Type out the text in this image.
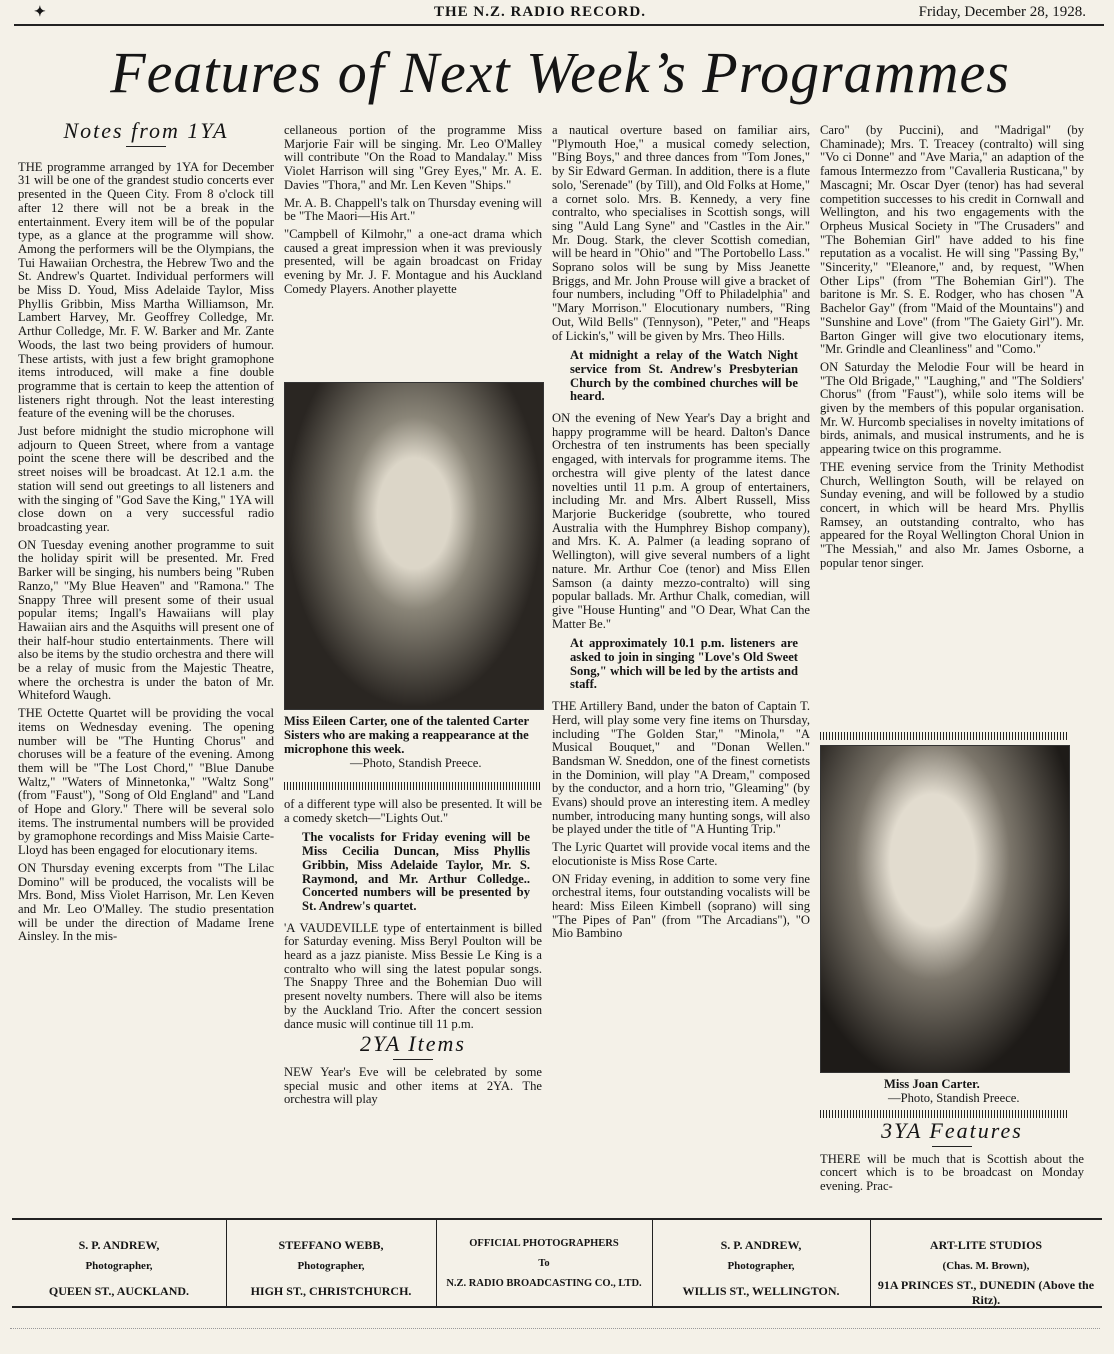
✦	THE N.Z. RADIO RECORD.	Friday, December 28, 1928.
Features of Next Week’s Programmes
Notes from 1YA

THE programme arranged by 1YA for December 31 will be one of the grandest studio concerts ever presented in the Queen City. From 8 o'clock till after 12 there will not be a break in the entertainment. Every item will be of the popular type, as a glance at the programme will show. Among the performers will be the Olympians, the Tui Hawaiian Orchestra, the Hebrew Two and the St. Andrew's Quartet. Individual performers will be Miss D. Youd, Miss Adelaide Taylor, Miss Phyllis Gribbin, Miss Martha Williamson, Mr. Lambert Harvey, Mr. Geoffrey Colledge, Mr. Arthur Colledge, Mr. F. W. Barker and Mr. Zante Woods, the last two being providers of humour. These artists, with just a few bright gramophone items introduced, will make a fine double programme that is certain to keep the attention of listeners right through. Not the least interesting feature of the evening will be the choruses.

Just before midnight the studio microphone will adjourn to Queen Street, where from a vantage point the scene there will be described and the street noises will be broadcast. At 12.1 a.m. the station will send out greetings to all listeners and with the singing of "God Save the King," 1YA will close down on a very successful radio broadcasting year.

ON Tuesday evening another programme to suit the holiday spirit will be presented. Mr. Fred Barker will be singing, his numbers being "Ruben Ranzo," "My Blue Heaven" and "Ramona." The Snappy Three will present some of their usual popular items; Ingall's Hawaiians will play Hawaiian airs and the Asquiths will present one of their half-hour studio entertainments. There will also be items by the studio orchestra and there will be a relay of music from the Majestic Theatre, where the orchestra is under the baton of Mr. Whiteford Waugh.

THE Octette Quartet will be providing the vocal items on Wednesday evening. The opening number will be "The Hunting Chorus" and choruses will be a feature of the evening. Among them will be "The Lost Chord," "Blue Danube Waltz," "Waters of Minnetonka," "Waltz Song" (from "Faust"), "Song of Old England" and "Land of Hope and Glory." There will be several solo items. The instrumental numbers will be provided by gramophone recordings and Miss Maisie Carte-Lloyd has been engaged for elocutionary items.

ON Thursday evening excerpts from "The Lilac Domino" will be produced, the vocalists will be Mrs. Bond, Miss Violet Harrison, Mr. Len Keven and Mr. Leo O'Malley. The studio presentation will be under the direction of Madame Irene Ainsley. In the mis-

cellaneous portion of the programme Miss Marjorie Fair will be singing. Mr. Leo O'Malley will contribute "On the Road to Mandalay." Miss Violet Harrison will sing "Grey Eyes," Mr. A. E. Davies "Thora," and Mr. Len Keven "Ships."

Mr. A. B. Chappell's talk on Thursday evening will be "The Maori—His Art."

"Campbell of Kilmohr," a one-act drama which caused a great impression when it was previously presented, will be again broadcast on Friday evening by Mr. J. F. Montague and his Auckland Comedy Players. Another playette

Miss Eileen Carter, one of the talented Carter Sisters who are making a reappearance at the microphone this week.
—Photo, Standish Preece.

of a different type will also be presented. It will be a comedy sketch—"Lights Out."

The vocalists for Friday evening will be Miss Cecilia Duncan, Miss Phyllis Gribbin, Miss Adelaide Taylor, Mr. S. Raymond, and Mr. Arthur Colledge.. Concerted numbers will be presented by St. Andrew's quartet.

'A VAUDEVILLE type of entertainment is billed for Saturday evening. Miss Beryl Poulton will be heard as a jazz pianiste. Miss Bessie Le King is a contralto who will sing the latest popular songs. The Snappy Three and the Bohemian Duo will present novelty numbers. There will also be items by the Auckland Trio. After the concert session dance music will continue till 11 p.m.

2YA Items

NEW Year's Eve will be celebrated by some special music and other items at 2YA. The orchestra will play

a nautical overture based on familiar airs, "Plymouth Hoe," a musical comedy selection, "Bing Boys," and three dances from "Tom Jones," by Sir Edward German. In addition, there is a flute solo, 'Serenade" (by Till), and Old Folks at Home," a cornet solo. Mrs. B. Kennedy, a very fine contralto, who specialises in Scottish songs, will sing "Auld Lang Syne" and "Castles in the Air." Mr. Doug. Stark, the clever Scottish comedian, will be heard in "Ohio" and "The Portobello Lass." Soprano solos will be sung by Miss Jeanette Briggs, and Mr. John Prouse will give a bracket of four numbers, including "Off to Philadelphia" and "Mary Morrison." Elocutionary numbers, "Ring Out, Wild Bells" (Tennyson), "Peter," and "Heaps of Lickin's," will be given by Mrs. Theo Hills.

At midnight a relay of the Watch Night service from St. Andrew's Presbyterian Church by the combined churches will be heard.

ON the evening of New Year's Day a bright and happy programme will be heard. Dalton's Dance Orchestra of ten instruments has been specially engaged, with intervals for programme items. The orchestra will give plenty of the latest dance novelties until 11 p.m. A group of entertainers, including Mr. and Mrs. Albert Russell, Miss Marjorie Buckeridge (soubrette, who toured Australia with the Humphrey Bishop company), and Mrs. K. A. Palmer (a leading soprano of Wellington), will give several numbers of a light nature. Mr. Arthur Coe (tenor) and Miss Ellen Samson (a dainty mezzo-contralto) will sing popular ballads. Mr. Arthur Chalk, comedian, will give "House Hunting" and "O Dear, What Can the Matter Be."

At approximately 10.1 p.m. listeners are asked to join in singing "Love's Old Sweet Song," which will be led by the artists and staff.

THE Artillery Band, under the baton of Captain T. Herd, will play some very fine items on Thursday, including "The Golden Star," "Minola," "A Musical Bouquet," and "Donan Wellen." Bandsman W. Sneddon, one of the finest cornetists in the Dominion, will play "A Dream," composed by the conductor, and a horn trio, "Gleaming" (by Evans) should prove an interesting item. A medley number, introducing many hunting songs, will also be played under the title of "A Hunting Trip."

The Lyric Quartet will provide vocal items and the elocutioniste is Miss Rose Carte.

ON Friday evening, in addition to some very fine orchestral items, four outstanding vocalists will be heard: Miss Eileen Kimbell (soprano) will sing "The Pipes of Pan" (from "The Arcadians"), "O Mio Bambino

Caro" (by Puccini), and "Madrigal" (by Chaminade); Mrs. T. Treacey (contralto) will sing "Vo ci Donne" and "Ave Maria," an adaption of the famous Intermezzo from "Cavalleria Rusticana," by Mascagni; Mr. Oscar Dyer (tenor) has had several competition successes to his credit in Cornwall and Wellington, and his two engagements with the Orpheus Musical Society in "The Crusaders" and "The Bohemian Girl" have added to his fine reputation as a vocalist. He will sing "Passing By," "Sincerity," "Eleanore," and, by request, "When Other Lips" (from "The Bohemian Girl"). The baritone is Mr. S. E. Rodger, who has chosen "A Bachelor Gay" (from "Maid of the Mountains") and "Sunshine and Love" (from "The Gaiety Girl"). Mr. Barton Ginger will give two elocutionary items, "Mr. Grindle and Cleanliness" and "Como."

ON Saturday the Melodie Four will be heard in "The Old Brigade," "Laughing," and "The Soldiers' Chorus" (from "Faust"), while solo items will be given by the members of this popular organisation. Mr. W. Hurcomb specialises in novelty imitations of birds, animals, and musical instruments, and he is appearing twice on this programme.

THE evening service from the Trinity Methodist Church, Wellington South, will be relayed on Sunday evening, and will be followed by a studio concert, in which will be heard Mrs. Phyllis Ramsey, an outstanding contralto, who has appeared for the Royal Wellington Choral Union in "The Messiah," and also Mr. James Osborne, a popular tenor singer.

Miss Joan Carter.
—Photo, Standish Preece.
3YA Features

THERE will be much that is Scottish about the concert which is to be broadcast on Monday evening. Prac-

S. P. ANDREW,
Photographer,
QUEEN ST., AUCKLAND.
STEFFANO WEBB,
Photographer,
HIGH ST., CHRISTCHURCH.
OFFICIAL PHOTOGRAPHERS
To
N.Z. RADIO BROADCASTING CO., LTD.
S. P. ANDREW,
Photographer,
WILLIS ST., WELLINGTON.
ART-LITE STUDIOS
(Chas. M. Brown),
91A PRINCES ST., DUNEDIN (Above the Ritz).
